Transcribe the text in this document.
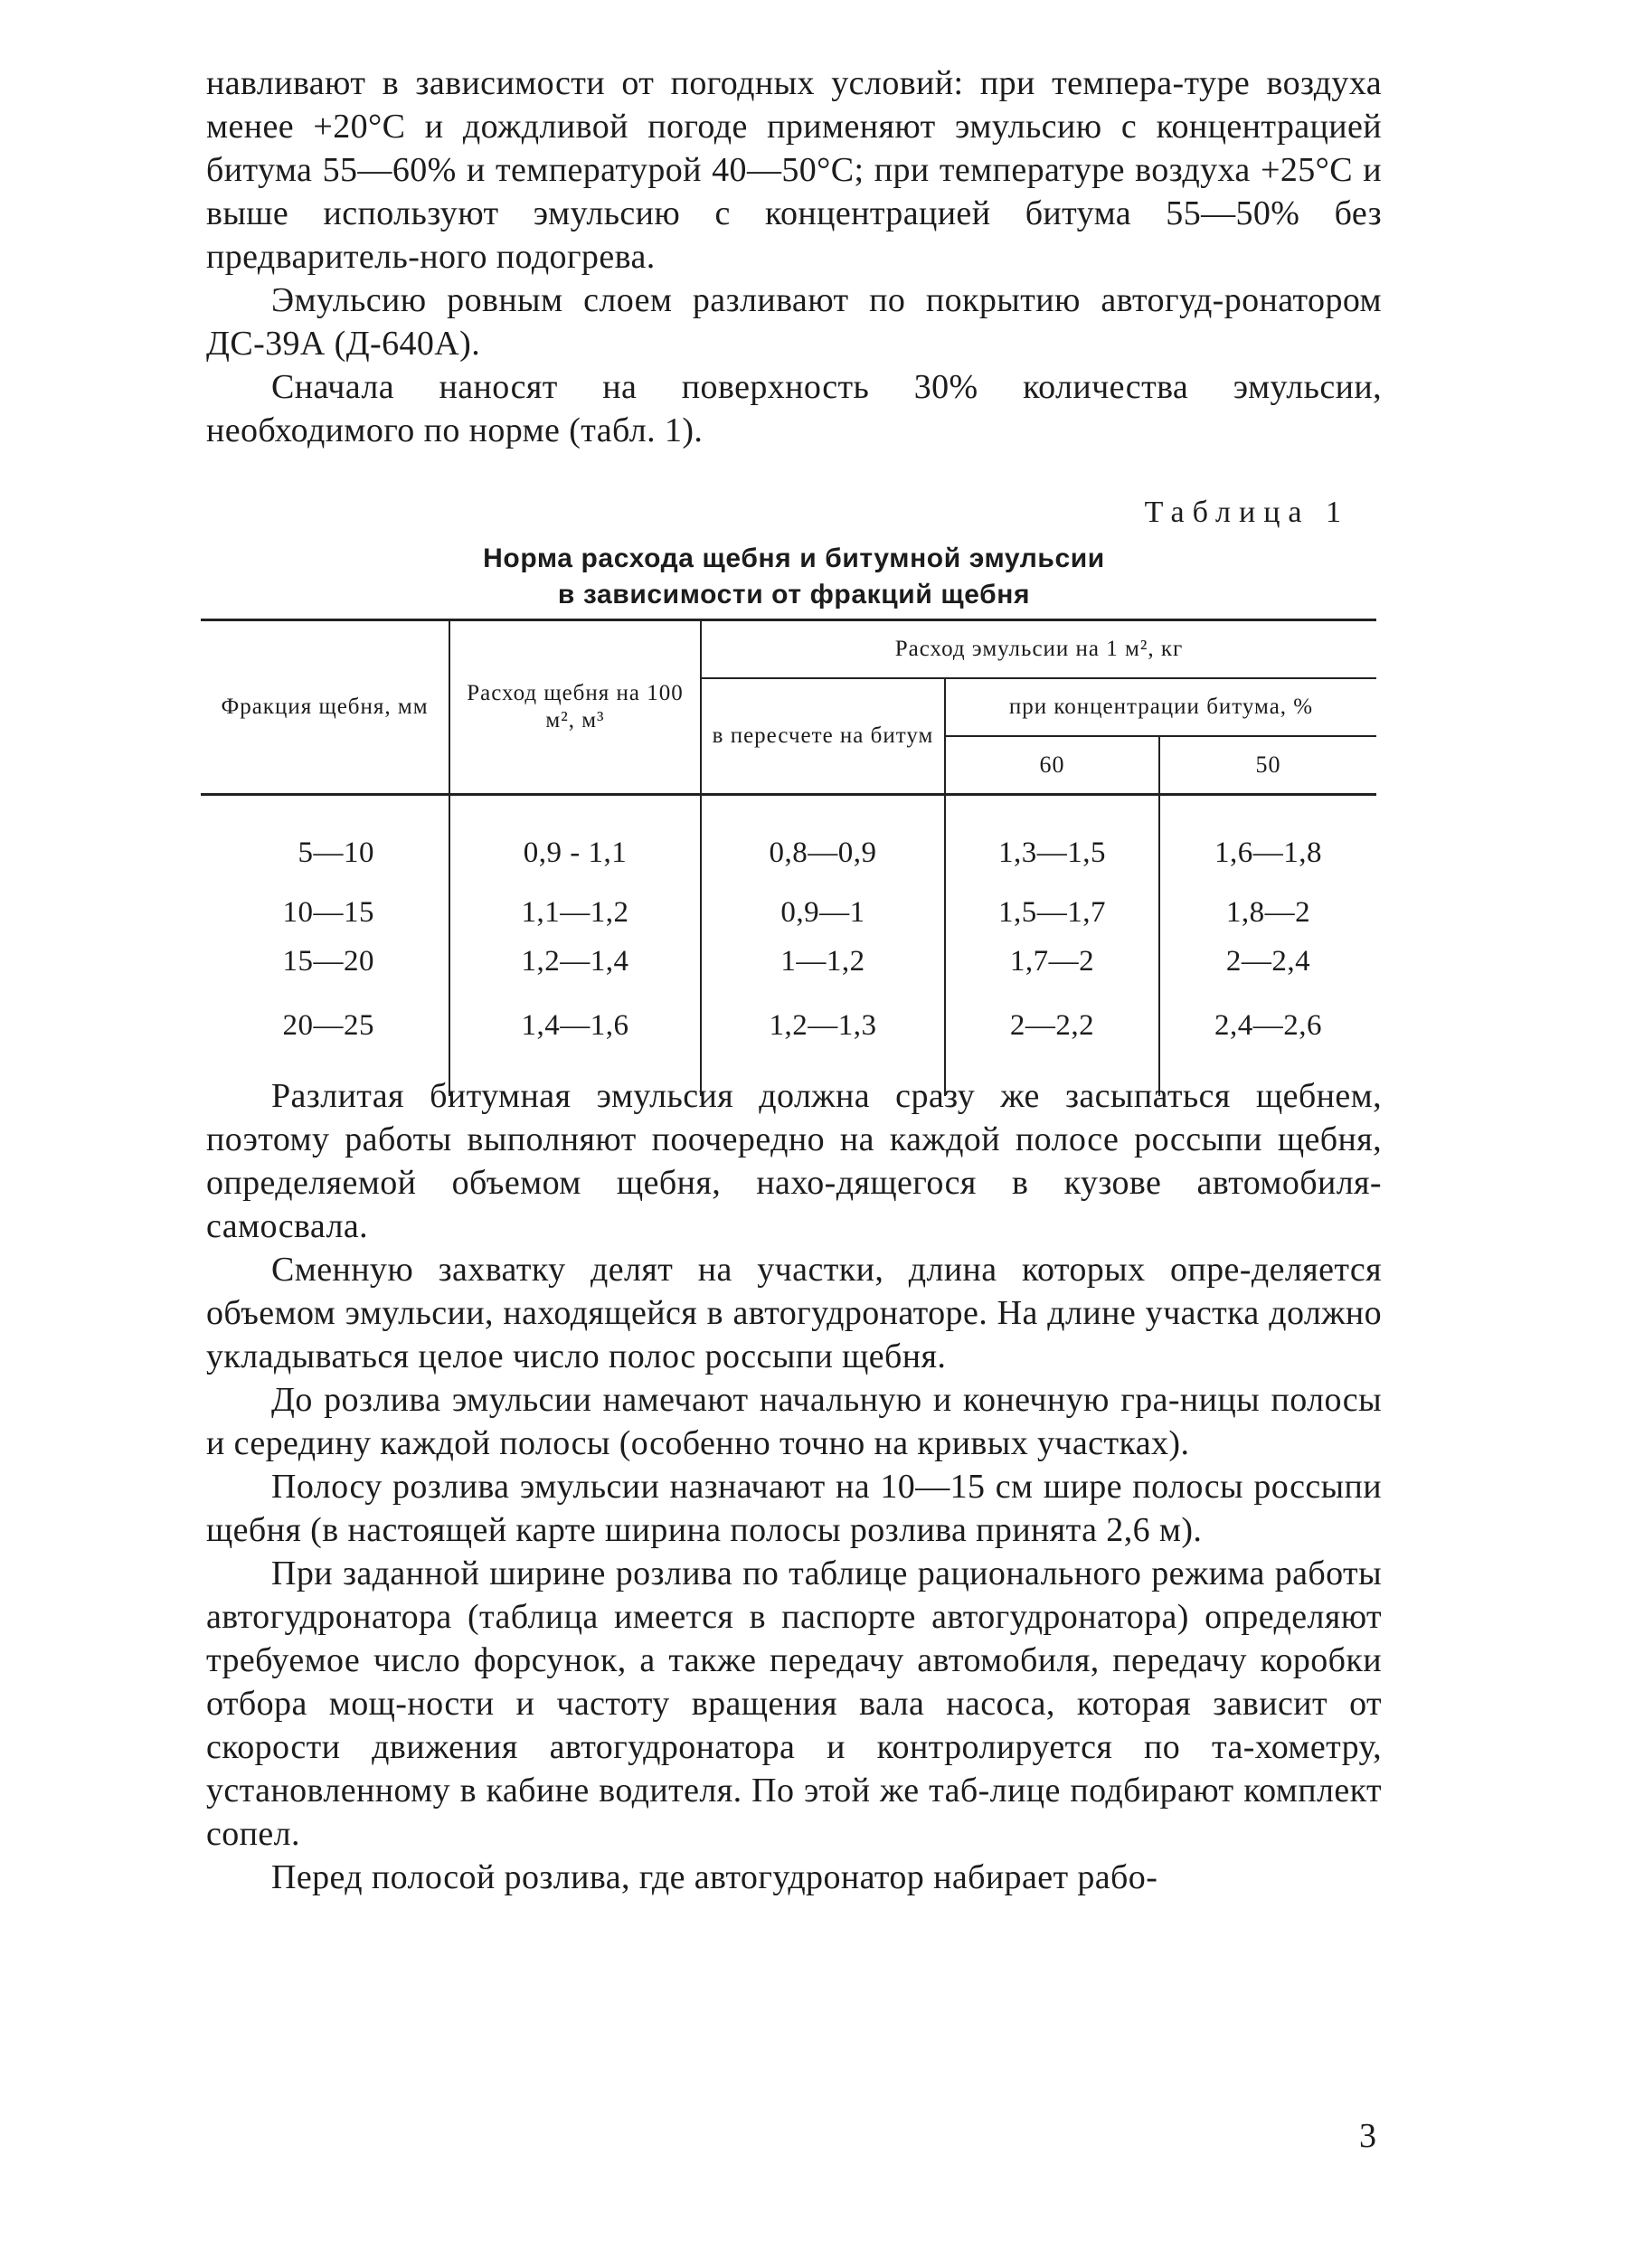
навливают в зависимости от погодных условий: при темпера-туре воздуха менее +20°С и дождливой погоде применяют эмульсию с концентрацией битума 55—60% и температурой 40—50°С; при температуре воздуха +25°С и выше используют эмульсию с концентрацией битума 55—50% без предваритель-ного подогрева.

Эмульсию ровным слоем разливают по покрытию автогуд-ронатором ДС-39А (Д-640А).

Сначала наносят на поверхность 30% количества эмульсии, необходимого по норме (табл. 1).

Таблица 1

Норма расхода щебня и битумной эмульсии
в зависимости от фракций щебня

Фракция щебня, мм	Расход щебня на 100 м², м³	Расход эмульсии на 1 м², кг		
		в пересчете на битум	при концентрации битума, %	
			60	50
5—10	0,9 - 1,1	0,8—0,9	1,3—1,5	1,6—1,8
10—15	1,1—1,2	0,9—1	1,5—1,7	1,8—2
15—20	1,2—1,4	1—1,2	1,7—2	2—2,4
20—25	1,4—1,6	1,2—1,3	2—2,2	2,4—2,6

Разлитая битумная эмульсия должна сразу же засыпаться щебнем, поэтому работы выполняют поочередно на каждой полосе россыпи щебня, определяемой объемом щебня, нахо-дящегося в кузове автомобиля-самосвала.

Сменную захватку делят на участки, длина которых опре-деляется объемом эмульсии, находящейся в автогудронаторе. На длине участка должно укладываться целое число полос россыпи щебня.

До розлива эмульсии намечают начальную и конечную гра-ницы полосы и середину каждой полосы (особенно точно на кривых участках).

Полосу розлива эмульсии назначают на 10—15 см шире полосы россыпи щебня (в настоящей карте ширина полосы розлива принята 2,6 м).

При заданной ширине розлива по таблице рационального режима работы автогудронатора (таблица имеется в паспорте автогудронатора) определяют требуемое число форсунок, а также передачу автомобиля, передачу коробки отбора мощ-ности и частоту вращения вала насоса, которая зависит от скорости движения автогудронатора и контролируется по та-хометру, установленному в кабине водителя. По этой же таб-лице подбирают комплект сопел.

Перед полосой розлива, где автогудронатор набирает рабо-

3
